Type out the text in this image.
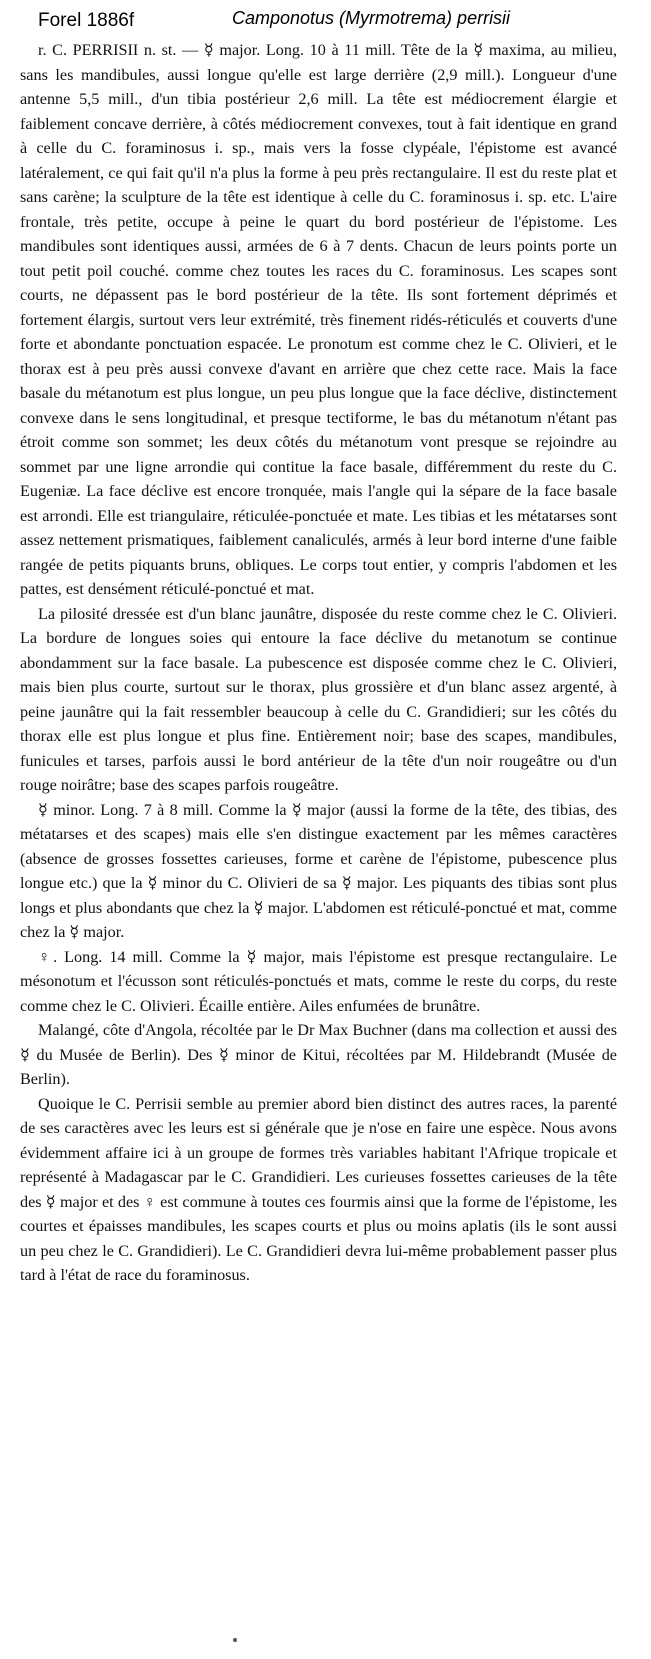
Forel 1886f	Camponotus (Myrmotrema) perrisii

r. C. PERRISII n. st. — ☿ major. Long. 10 à 11 mill. Tête de la ☿ maxima, au milieu, sans les mandibules, aussi longue qu'elle est large derrière (2,9 mill.). Longueur d'une antenne 5,5 mill., d'un tibia postérieur 2,6 mill. La tête est médiocrement élargie et faiblement concave derrière, à côtés médiocrement convexes, tout à fait identique en grand à celle du C. foraminosus i. sp., mais vers la fosse clypéale, l'épistome est avancé latéralement, ce qui fait qu'il n'a plus la forme à peu près rectangulaire. Il est du reste plat et sans carène; la sculpture de la tête est identique à celle du C. foraminosus i. sp. etc. L'aire frontale, très petite, occupe à peine le quart du bord postérieur de l'épistome. Les mandibules sont identiques aussi, armées de 6 à 7 dents. Chacun de leurs points porte un tout petit poil couché. comme chez toutes les races du C. foraminosus. Les scapes sont courts, ne dépassent pas le bord postérieur de la tête. Ils sont fortement déprimés et fortement élargis, surtout vers leur extrémité, très finement ridés-réticulés et couverts d'une forte et abondante ponctuation espacée. Le pronotum est comme chez le C. Olivieri, et le thorax est à peu près aussi convexe d'avant en arrière que chez cette race. Mais la face basale du métanotum est plus longue, un peu plus longue que la face déclive, distinctement convexe dans le sens longitudinal, et presque tectiforme, le bas du métanotum n'étant pas étroit comme son sommet; les deux côtés du métanotum vont presque se rejoindre au sommet par une ligne arrondie qui contitue la face basale, différemment du reste du C. Eugeniæ. La face déclive est encore tronquée, mais l'angle qui la sépare de la face basale est arrondi. Elle est triangulaire, réticulée-ponctuée et mate. Les tibias et les métatarses sont assez nettement prismatiques, faiblement canaliculés, armés à leur bord interne d'une faible rangée de petits piquants bruns, obliques. Le corps tout entier, y compris l'abdomen et les pattes, est densément réticulé-ponctué et mat.

La pilosité dressée est d'un blanc jaunâtre, disposée du reste comme chez le C. Olivieri. La bordure de longues soies qui entoure la face déclive du metanotum se continue abondamment sur la face basale. La pubescence est disposée comme chez le C. Olivieri, mais bien plus courte, surtout sur le thorax, plus grossière et d'un blanc assez argenté, à peine jaunâtre qui la fait ressembler beaucoup à celle du C. Grandidieri; sur les côtés du thorax elle est plus longue et plus fine. Entièrement noir; base des scapes, mandibules, funicules et tarses, parfois aussi le bord antérieur de la tête d'un noir rougeâtre ou d'un rouge noirâtre; base des scapes parfois rougeâtre.

☿ minor. Long. 7 à 8 mill. Comme la ☿ major (aussi la forme de la tête, des tibias, des métatarses et des scapes) mais elle s'en distingue exactement par les mêmes caractères (absence de grosses fossettes carieuses, forme et carène de l'épistome, pubescence plus longue etc.) que la ☿ minor du C. Olivieri de sa ☿ major. Les piquants des tibias sont plus longs et plus abondants que chez la ☿ major. L'abdomen est réticulé-ponctué et mat, comme chez la ☿ major.

♀. Long. 14 mill. Comme la ☿ major, mais l'épistome est presque rectangulaire. Le mésonotum et l'écusson sont réticulés-ponctués et mats, comme le reste du corps, du reste comme chez le C. Olivieri. Écaille entière. Ailes enfumées de brunâtre.

Malangé, côte d'Angola, récoltée par le Dr Max Buchner (dans ma collection et aussi des ☿ du Musée de Berlin). Des ☿ minor de Kitui, récoltées par M. Hildebrandt (Musée de Berlin).

Quoique le C. Perrisii semble au premier abord bien distinct des autres races, la parenté de ses caractères avec les leurs est si générale que je n'ose en faire une espèce. Nous avons évidemment affaire ici à un groupe de formes très variables habitant l'Afrique tropicale et représenté à Madagascar par le C. Grandidieri. Les curieuses fossettes carieuses de la tête des ☿ major et des ♀ est commune à toutes ces fourmis ainsi que la forme de l'épistome, les courtes et épaisses mandibules, les scapes courts et plus ou moins aplatis (ils le sont aussi un peu chez le C. Grandidieri). Le C. Grandidieri devra lui-même probablement passer plus tard à l'état de race du foraminosus.
